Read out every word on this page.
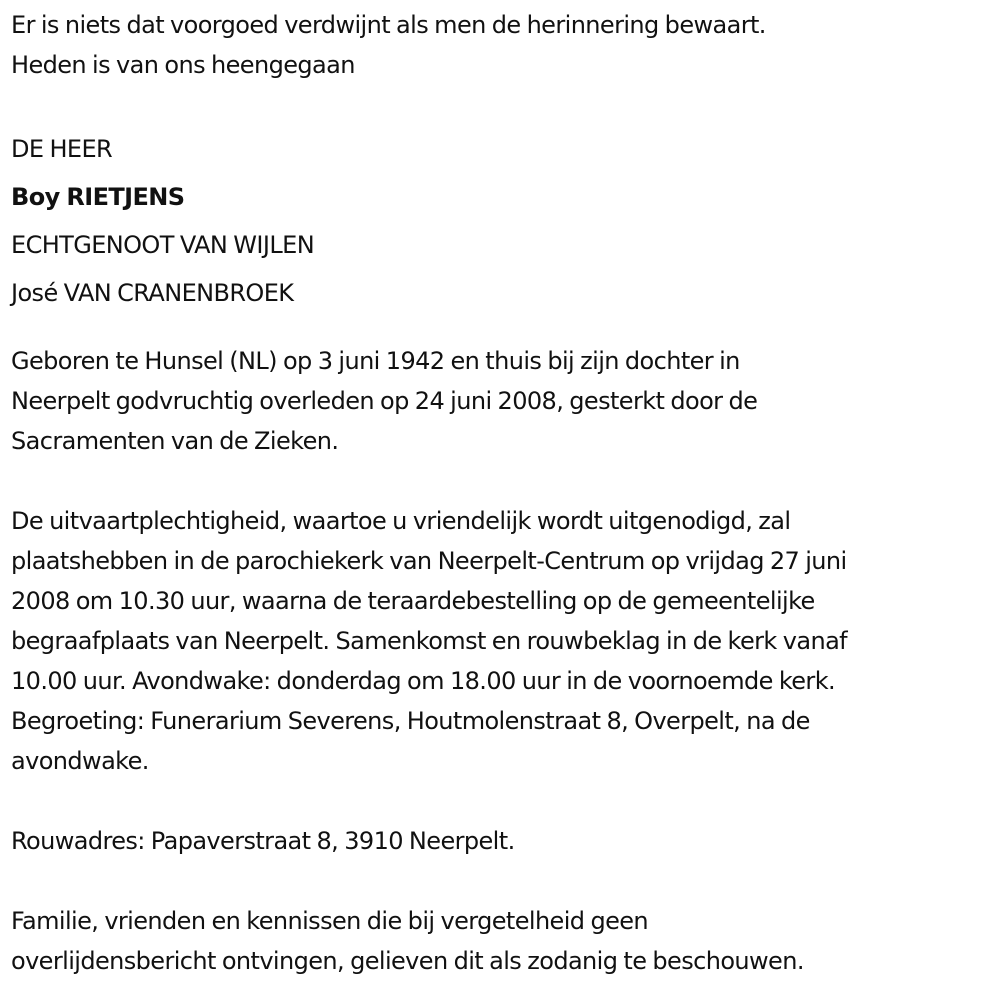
Er is niets dat voorgoed verdwijnt als men de herinnering bewaart.
Heden is van ons heengegaan
DE HEER
Boy RIETJENS
ECHTGENOOT VAN WIJLEN
José VAN CRANENBROEK
Geboren te Hunsel (NL) op 3 juni 1942 en thuis bij zijn dochter in
Neerpelt godvruchtig overleden op 24 juni 2008, gesterkt door de
Sacramenten van de Zieken.
De uitvaartplechtigheid, waartoe u vriendelijk wordt uitgenodigd, zal
plaatshebben in de parochiekerk van Neerpelt-Centrum op vrijdag 27 juni
2008 om 10.30 uur, waarna de teraardebestelling op de gemeentelijke
begraafplaats van Neerpelt. Samenkomst en rouwbeklag in de kerk vanaf
10.00 uur. Avondwake: donderdag om 18.00 uur in de voornoemde kerk.
Begroeting: Funerarium Severens, Houtmolenstraat 8, Overpelt, na de
avondwake.
Rouwadres: Papaverstraat 8, 3910 Neerpelt.
Familie, vrienden en kennissen die bij vergetelheid geen
overlijdensbericht ontvingen, gelieven dit als zodanig te beschouwen.
